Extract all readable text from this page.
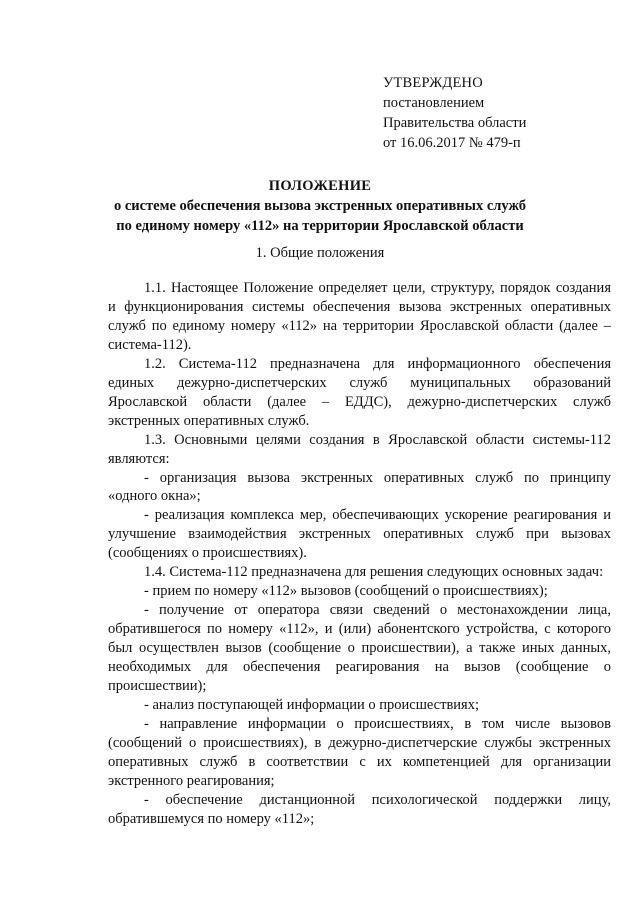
УТВЕРЖДЕНО
постановлением
Правительства области
от 16.06.2017 № 479-п
ПОЛОЖЕНИЕ
о системе обеспечения вызова экстренных оперативных служб
по единому номеру «112» на территории Ярославской области
1. Общие положения

1.1. Настоящее Положение определяет цели, структуру, порядок создания и функционирования системы обеспечения вызова экстренных оперативных служб по единому номеру «112» на территории Ярославской области (далее – система-112).

1.2. Система-112 предназначена для информационного обеспечения единых дежурно-диспетчерских служб муниципальных образований Ярославской области (далее – ЕДДС), дежурно-диспетчерских служб экстренных оперативных служб.

1.3. Основными целями создания в Ярославской области системы-112 являются:

- организация вызова экстренных оперативных служб по принципу «одного окна»;

- реализация комплекса мер, обеспечивающих ускорение реагирования и улучшение взаимодействия экстренных оперативных служб при вызовах (сообщениях о происшествиях).

1.4. Система-112 предназначена для решения следующих основных задач:

- прием по номеру «112» вызовов (сообщений о происшествиях);

- получение от оператора связи сведений о местонахождении лица, обратившегося по номеру «112», и (или) абонентского устройства, с которого был осуществлен вызов (сообщение о происшествии), а также иных данных, необходимых для обеспечения реагирования на вызов (сообщение о происшествии);

- анализ поступающей информации о происшествиях;

- направление информации о происшествиях, в том числе вызовов (сообщений о происшествиях), в дежурно-диспетчерские службы экстренных оперативных служб в соответствии с их компетенцией для организации экстренного реагирования;

- обеспечение дистанционной психологической поддержки лицу, обратившемуся по номеру «112»;
